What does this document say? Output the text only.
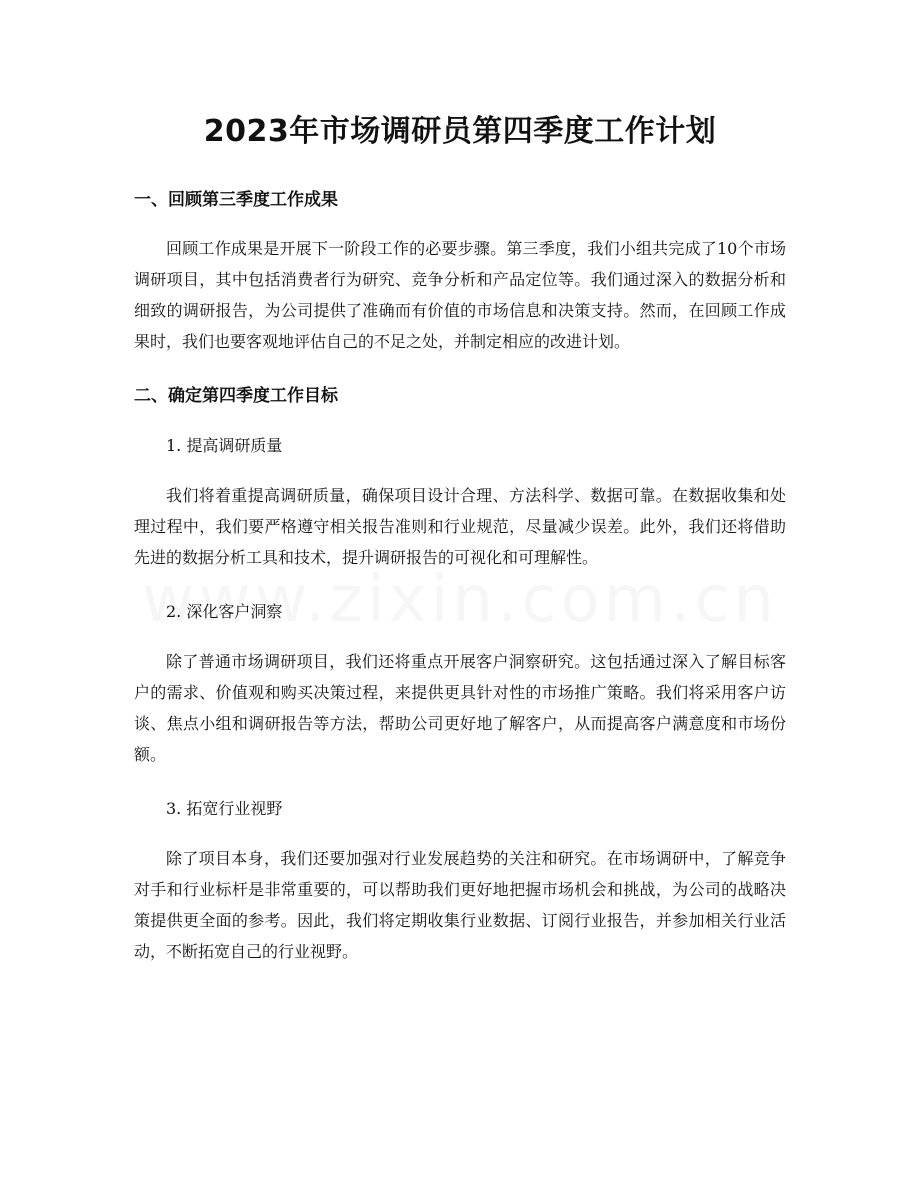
2023年市场调研员第四季度工作计划
一、回顾第三季度工作成果

回顾工作成果是开展下一阶段工作的必要步骤。第三季度，我们小组共完成了10个市场调研项目，其中包括消费者行为研究、竞争分析和产品定位等。我们通过深入的数据分析和细致的调研报告，为公司提供了准确而有价值的市场信息和决策支持。然而，在回顾工作成果时，我们也要客观地评估自己的不足之处，并制定相应的改进计划。

二、确定第四季度工作目标
1. 提高调研质量

我们将着重提高调研质量，确保项目设计合理、方法科学、数据可靠。在数据收集和处理过程中，我们要严格遵守相关报告准则和行业规范，尽量减少误差。此外，我们还将借助先进的数据分析工具和技术，提升调研报告的可视化和可理解性。

2. 深化客户洞察

除了普通市场调研项目，我们还将重点开展客户洞察研究。这包括通过深入了解目标客户的需求、价值观和购买决策过程，来提供更具针对性的市场推广策略。我们将采用客户访谈、焦点小组和调研报告等方法，帮助公司更好地了解客户，从而提高客户满意度和市场份额。

3. 拓宽行业视野

除了项目本身，我们还要加强对行业发展趋势的关注和研究。在市场调研中，了解竞争对手和行业标杆是非常重要的，可以帮助我们更好地把握市场机会和挑战，为公司的战略决策提供更全面的参考。因此，我们将定期收集行业数据、订阅行业报告，并参加相关行业活动，不断拓宽自己的行业视野。
